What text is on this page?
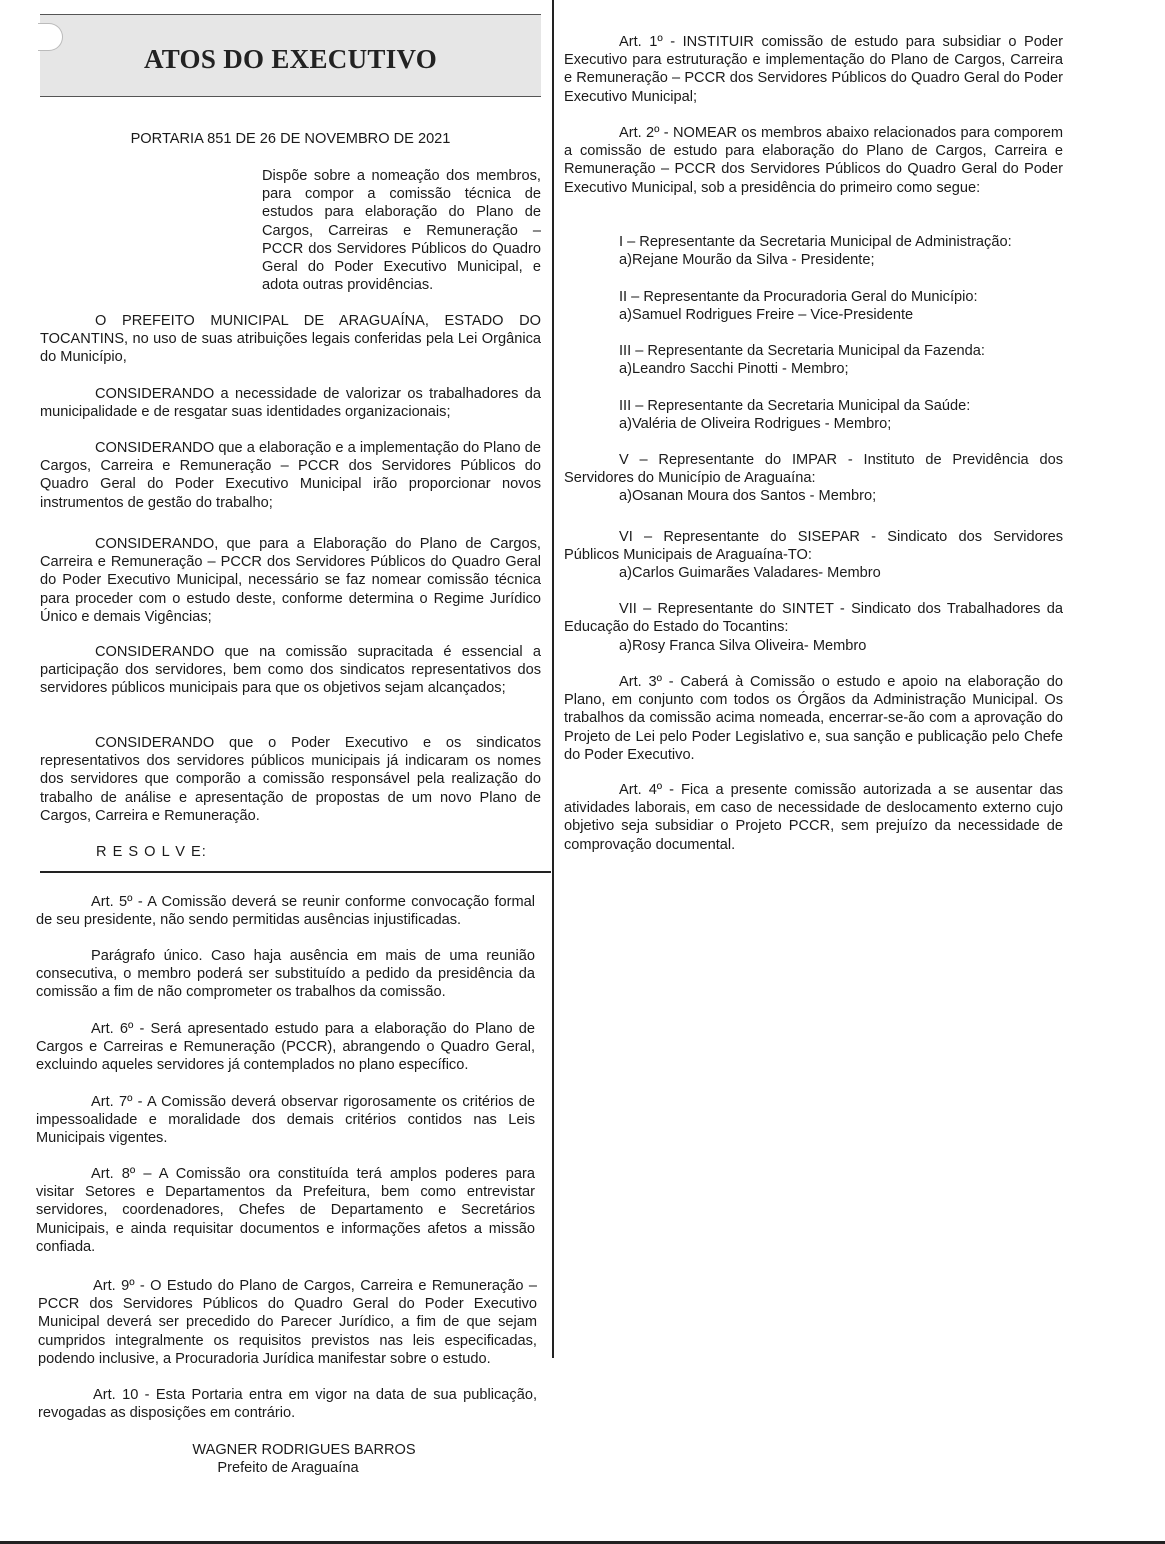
ATOS DO EXECUTIVO
PORTARIA 851 DE 26 DE NOVEMBRO DE 2021

Dispõe sobre a nomeação dos membros, para compor a comissão técnica de estudos para elaboração do Plano de Cargos, Carreiras e Remuneração – PCCR dos Servidores Públicos do Quadro Geral do Poder Executivo Municipal, e adota outras providências.

O PREFEITO MUNICIPAL DE ARAGUAÍNA, ESTADO DO TOCANTINS, no uso de suas atribuições legais conferidas pela Lei Orgânica do Município,

CONSIDERANDO a necessidade de valorizar os trabalhadores da municipalidade e de resgatar suas identidades organizacionais;

CONSIDERANDO que a elaboração e a implementação do Plano de Cargos, Carreira e Remuneração – PCCR dos Servidores Públicos do Quadro Geral do Poder Executivo Municipal irão proporcionar novos instrumentos de gestão do trabalho;

CONSIDERANDO, que para a Elaboração do Plano de Cargos, Carreira e Remuneração – PCCR dos Servidores Públicos do Quadro Geral do Poder Executivo Municipal, necessário se faz nomear comissão técnica para proceder com o estudo deste, conforme determina o Regime Jurídico Único e demais Vigências;

CONSIDERANDO que na comissão supracitada é essencial a participação dos servidores, bem como dos sindicatos representativos dos servidores públicos municipais para que os objetivos sejam alcançados;

CONSIDERANDO que o Poder Executivo e os sindicatos representativos dos servidores públicos municipais já indicaram os nomes dos servidores que comporão a comissão responsável pela realização do trabalho de análise e apresentação de propostas de um novo Plano de Cargos, Carreira e Remuneração.

R E S O L V E:

Art. 1º - INSTITUIR comissão de estudo para subsidiar o Poder Executivo para estruturação e implementação do Plano de Cargos, Carreira e Remuneração – PCCR dos Servidores Públicos do Quadro Geral do Poder Executivo Municipal;

Art. 2º - NOMEAR os membros abaixo relacionados para comporem a comissão de estudo para elaboração do Plano de Cargos, Carreira e Remuneração – PCCR dos Servidores Públicos do Quadro Geral do Poder Executivo Municipal, sob a presidência do primeiro como segue:

I – Representante da Secretaria Municipal de Administração:
a)Rejane Mourão da Silva - Presidente;
II – Representante da Procuradoria Geral do Município:
a)Samuel Rodrigues Freire – Vice-Presidente
III – Representante da Secretaria Municipal da Fazenda:
a)Leandro Sacchi Pinotti - Membro;
III – Representante da Secretaria Municipal da Saúde:
a)Valéria de Oliveira Rodrigues - Membro;

V – Representante do IMPAR - Instituto de Previdência dos Servidores do Município de Araguaína:

a)Osanan Moura dos Santos - Membro;

VI – Representante do SISEPAR - Sindicato dos Servidores Públicos Municipais de Araguaína-TO:

a)Carlos Guimarães Valadares- Membro

VII – Representante do SINTET - Sindicato dos Trabalhadores da Educação do Estado do Tocantins:

a)Rosy Franca Silva Oliveira- Membro

Art. 3º - Caberá à Comissão o estudo e apoio na elaboração do Plano, em conjunto com todos os Órgãos da Administração Municipal. Os trabalhos da comissão acima nomeada, encerrar-se-ão com a aprovação do Projeto de Lei pelo Poder Legislativo e, sua sanção e publicação pelo Chefe do Poder Executivo.

Art. 4º - Fica a presente comissão autorizada a se ausentar das atividades laborais, em caso de necessidade de deslocamento externo cujo objetivo seja subsidiar o Projeto PCCR, sem prejuízo da necessidade de comprovação documental.

Art. 5º - A Comissão deverá se reunir conforme convocação formal de seu presidente, não sendo permitidas ausências injustificadas.

Parágrafo único. Caso haja ausência em mais de uma reunião consecutiva, o membro poderá ser substituído a pedido da presidência da comissão a fim de não comprometer os trabalhos da comissão.

Art. 6º - Será apresentado estudo para a elaboração do Plano de Cargos e Carreiras e Remuneração (PCCR), abrangendo o Quadro Geral, excluindo aqueles servidores já contemplados no plano específico.

Art. 7º - A Comissão deverá observar rigorosamente os critérios de impessoalidade e moralidade dos demais critérios contidos nas Leis Municipais vigentes.

Art. 8º – A Comissão ora constituída terá amplos poderes para visitar Setores e Departamentos da Prefeitura, bem como entrevistar servidores, coordenadores, Chefes de Departamento e Secretários Municipais, e ainda requisitar documentos e informações afetos a missão confiada.

Art. 9º - O Estudo do Plano de Cargos, Carreira e Remuneração – PCCR dos Servidores Públicos do Quadro Geral do Poder Executivo Municipal deverá ser precedido do Parecer Jurídico, a fim de que sejam cumpridos integralmente os requisitos previstos nas leis especificadas, podendo inclusive, a Procuradoria Jurídica manifestar sobre o estudo.

Art. 10 - Esta Portaria entra em vigor na data de sua publicação, revogadas as disposições em contrário.

WAGNER RODRIGUES BARROS
Prefeito de Araguaína
